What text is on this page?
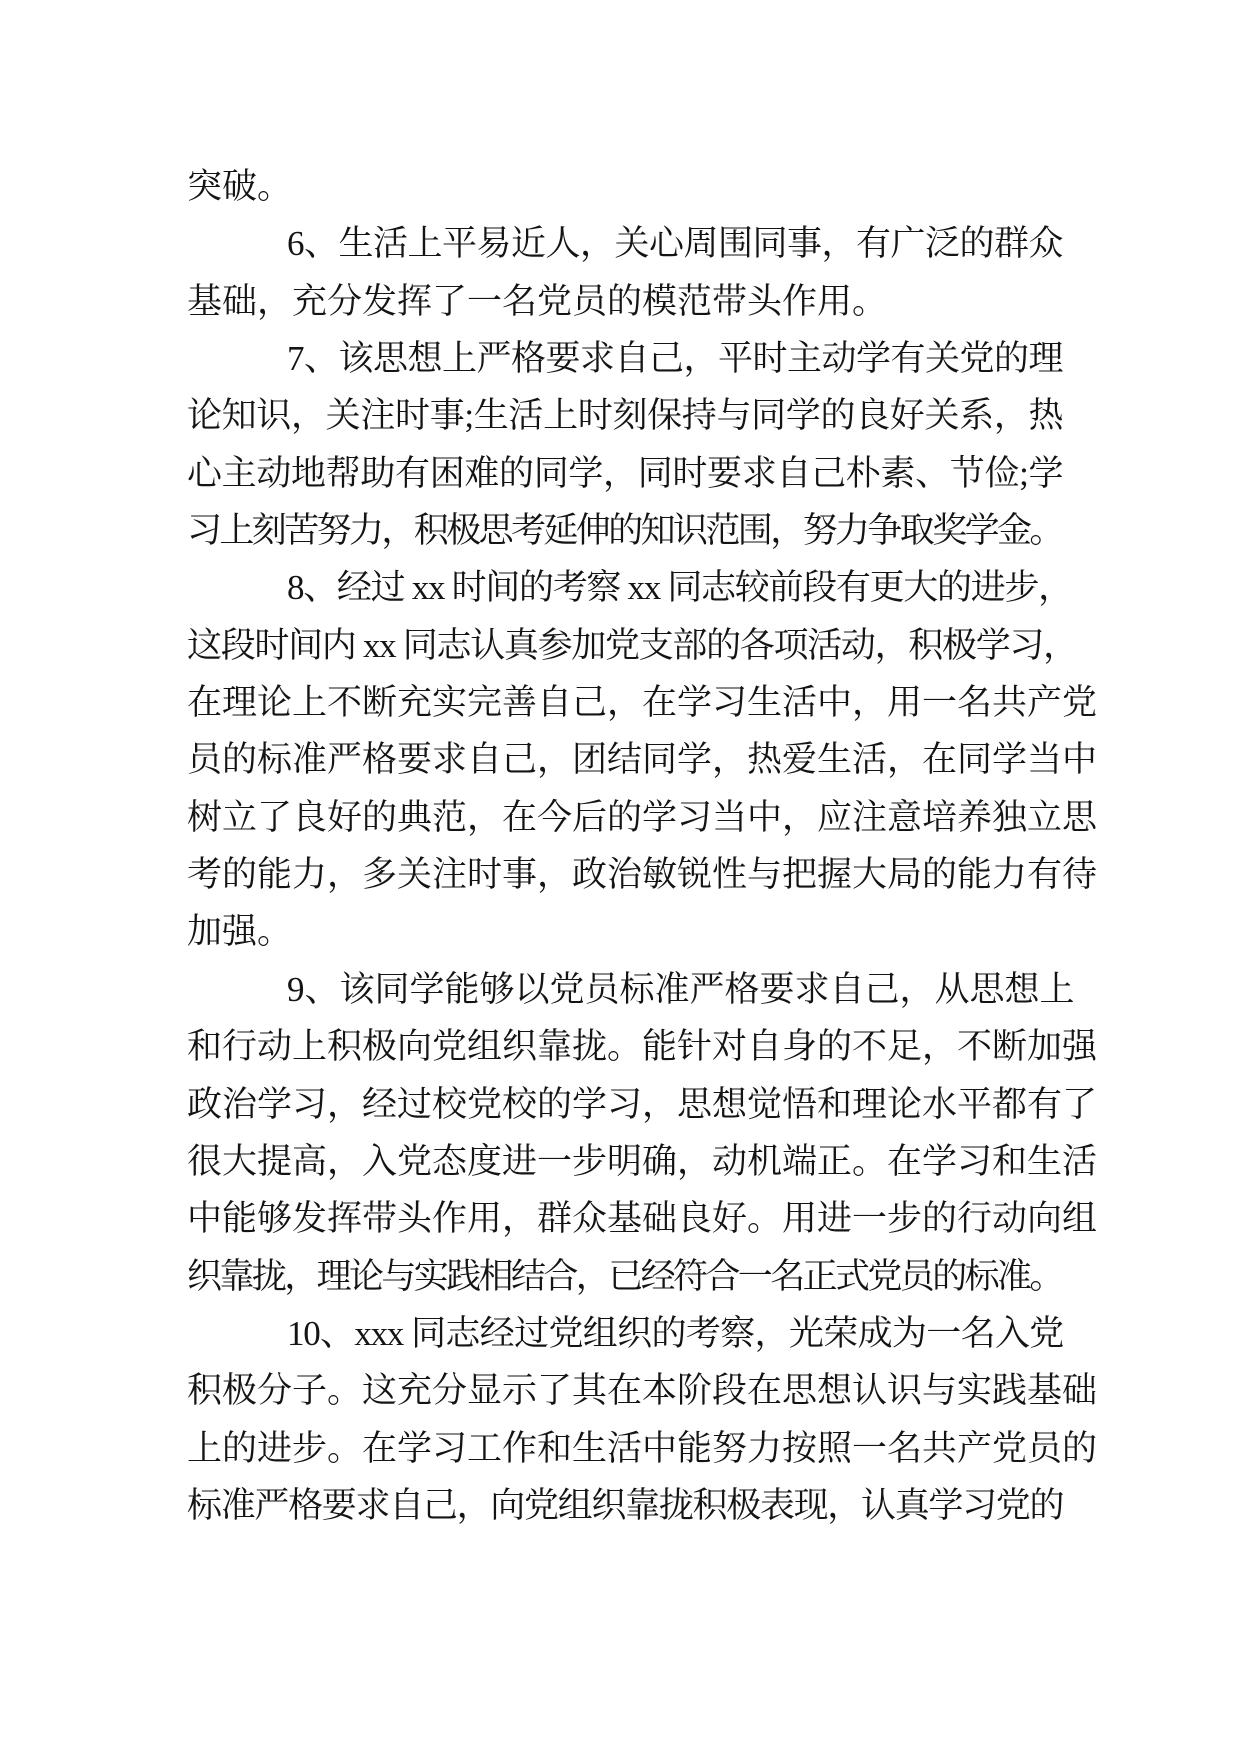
突破。
6、生活上平易近人，关心周围同事，有广泛的群众
基础，充分发挥了一名党员的模范带头作用。
7、该思想上严格要求自己，平时主动学有关党的理
论知识，关注时事;生活上时刻保持与同学的良好关系，热
心主动地帮助有困难的同学，同时要求自己朴素、节俭;学
习上刻苦努力，积极思考延伸的知识范围，努力争取奖学金。
8、经过 xx 时间的考察 xx 同志较前段有更大的进步，
这段时间内 xx 同志认真参加党支部的各项活动，积极学习，
在理论上不断充实完善自己，在学习生活中，用一名共产党
员的标准严格要求自己，团结同学，热爱生活，在同学当中
树立了良好的典范，在今后的学习当中，应注意培养独立思
考的能力，多关注时事，政治敏锐性与把握大局的能力有待
加强。
9、该同学能够以党员标准严格要求自己，从思想上
和行动上积极向党组织靠拢。能针对自身的不足，不断加强
政治学习，经过校党校的学习，思想觉悟和理论水平都有了
很大提高，入党态度进一步明确，动机端正。在学习和生活
中能够发挥带头作用，群众基础良好。用进一步的行动向组
织靠拢，理论与实践相结合，已经符合一名正式党员的标准。
10、xxx 同志经过党组织的考察，光荣成为一名入党
积极分子。这充分显示了其在本阶段在思想认识与实践基础
上的进步。在学习工作和生活中能努力按照一名共产党员的
标准严格要求自己，向党组织靠拢积极表现，认真学习党的
